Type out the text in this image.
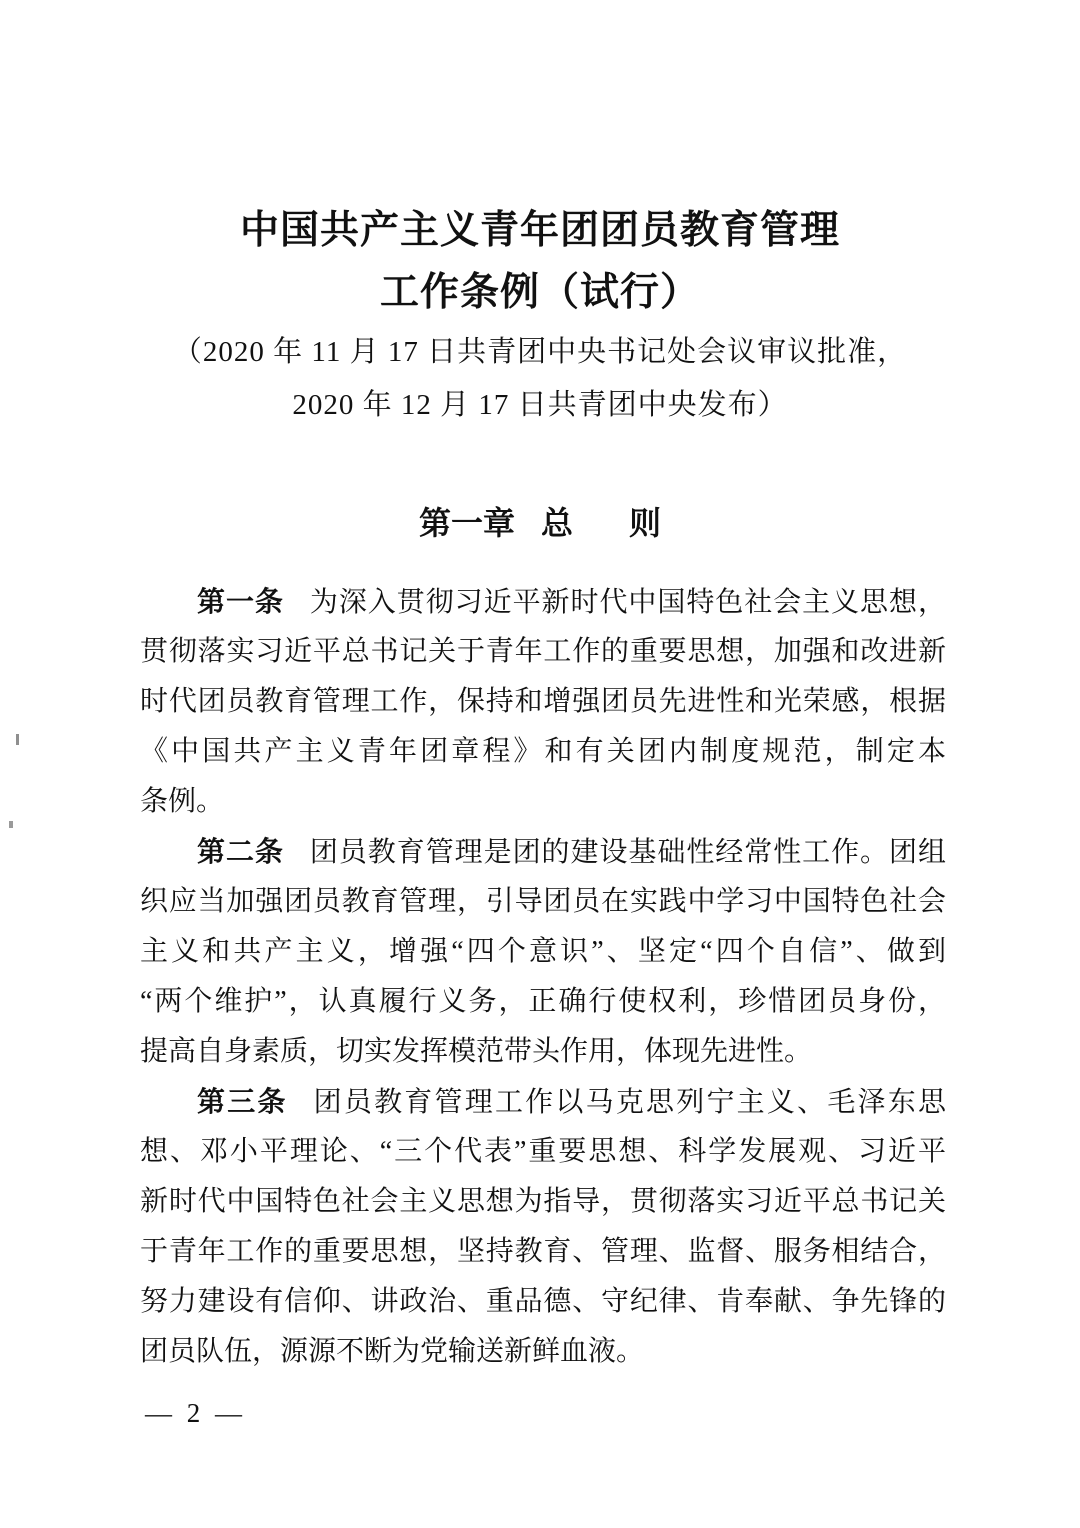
中国共产主义青年团团员教育管理
工作条例（试行）
（2020 年 11 月 17 日共青团中央书记处会议审议批准，
2020 年 12 月 17 日共青团中央发布）
第一章 总 则
第一条 为深入贯彻习近平新时代中国特色社会主义思想，
贯彻落实习近平总书记关于青年工作的重要思想，加强和改进新
时代团员教育管理工作，保持和增强团员先进性和光荣感，根据
《中国共产主义青年团章程》和有关团内制度规范，制定本
条例。
第二条 团员教育管理是团的建设基础性经常性工作。团组
织应当加强团员教育管理，引导团员在实践中学习中国特色社会
主义和共产主义，增强“四个意识”、坚定“四个自信”、做到
“两个维护”，认真履行义务，正确行使权利，珍惜团员身份，
提高自身素质，切实发挥模范带头作用，体现先进性。
第三条 团员教育管理工作以马克思列宁主义、毛泽东思
想、邓小平理论、“三个代表”重要思想、科学发展观、习近平
新时代中国特色社会主义思想为指导，贯彻落实习近平总书记关
于青年工作的重要思想，坚持教育、管理、监督、服务相结合，
努力建设有信仰、讲政治、重品德、守纪律、肯奉献、争先锋的
团员队伍，源源不断为党输送新鲜血液。
— 2 —
